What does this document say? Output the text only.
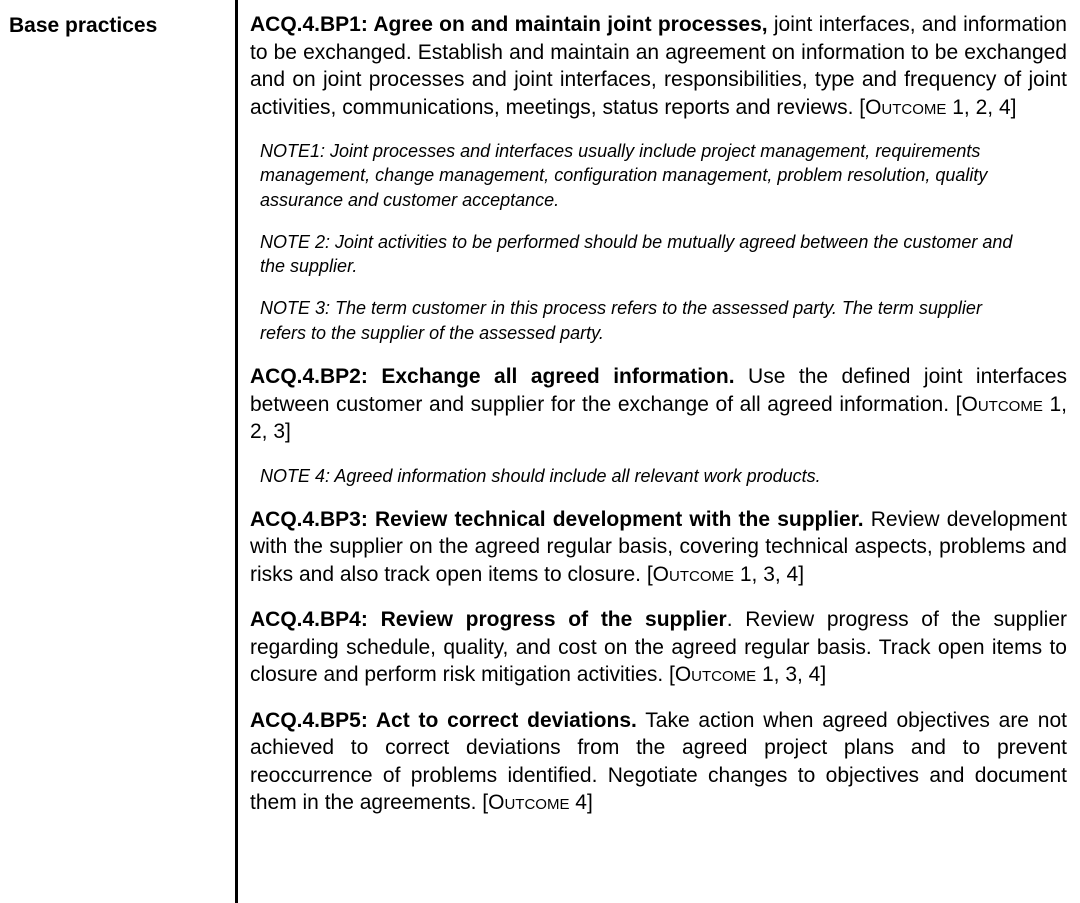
Base practices	ACQ.4.BP1: Agree on and maintain joint processes, joint interfaces, and information to be exchanged. Establish and maintain an agreement on information to be exchanged and on joint processes and joint interfaces, responsibilities, type and frequency of joint activities, communications, meetings, status reports and reviews. [Outcome 1, 2, 4]

NOTE1: Joint processes and interfaces usually include project management, requirements management, change management, configuration management, problem resolution, quality assurance and customer acceptance.

NOTE 2: Joint activities to be performed should be mutually agreed between the customer and the supplier.

NOTE 3: The term customer in this process refers to the assessed party. The term supplier refers to the supplier of the assessed party.

ACQ.4.BP2: Exchange all agreed information. Use the defined joint interfaces between customer and supplier for the exchange of all agreed information. [Outcome 1, 2, 3]

NOTE 4: Agreed information should include all relevant work products.

ACQ.4.BP3: Review technical development with the supplier. Review development with the supplier on the agreed regular basis, covering technical aspects, problems and risks and also track open items to closure. [Outcome 1, 3, 4]

ACQ.4.BP4: Review progress of the supplier. Review progress of the supplier regarding schedule, quality, and cost on the agreed regular basis. Track open items to closure and perform risk mitigation activities. [Outcome 1, 3, 4]

ACQ.4.BP5: Act to correct deviations. Take action when agreed objectives are not achieved to correct deviations from the agreed project plans and to prevent reoccurrence of problems identified. Negotiate changes to objectives and document them in the agreements. [Outcome 4]
